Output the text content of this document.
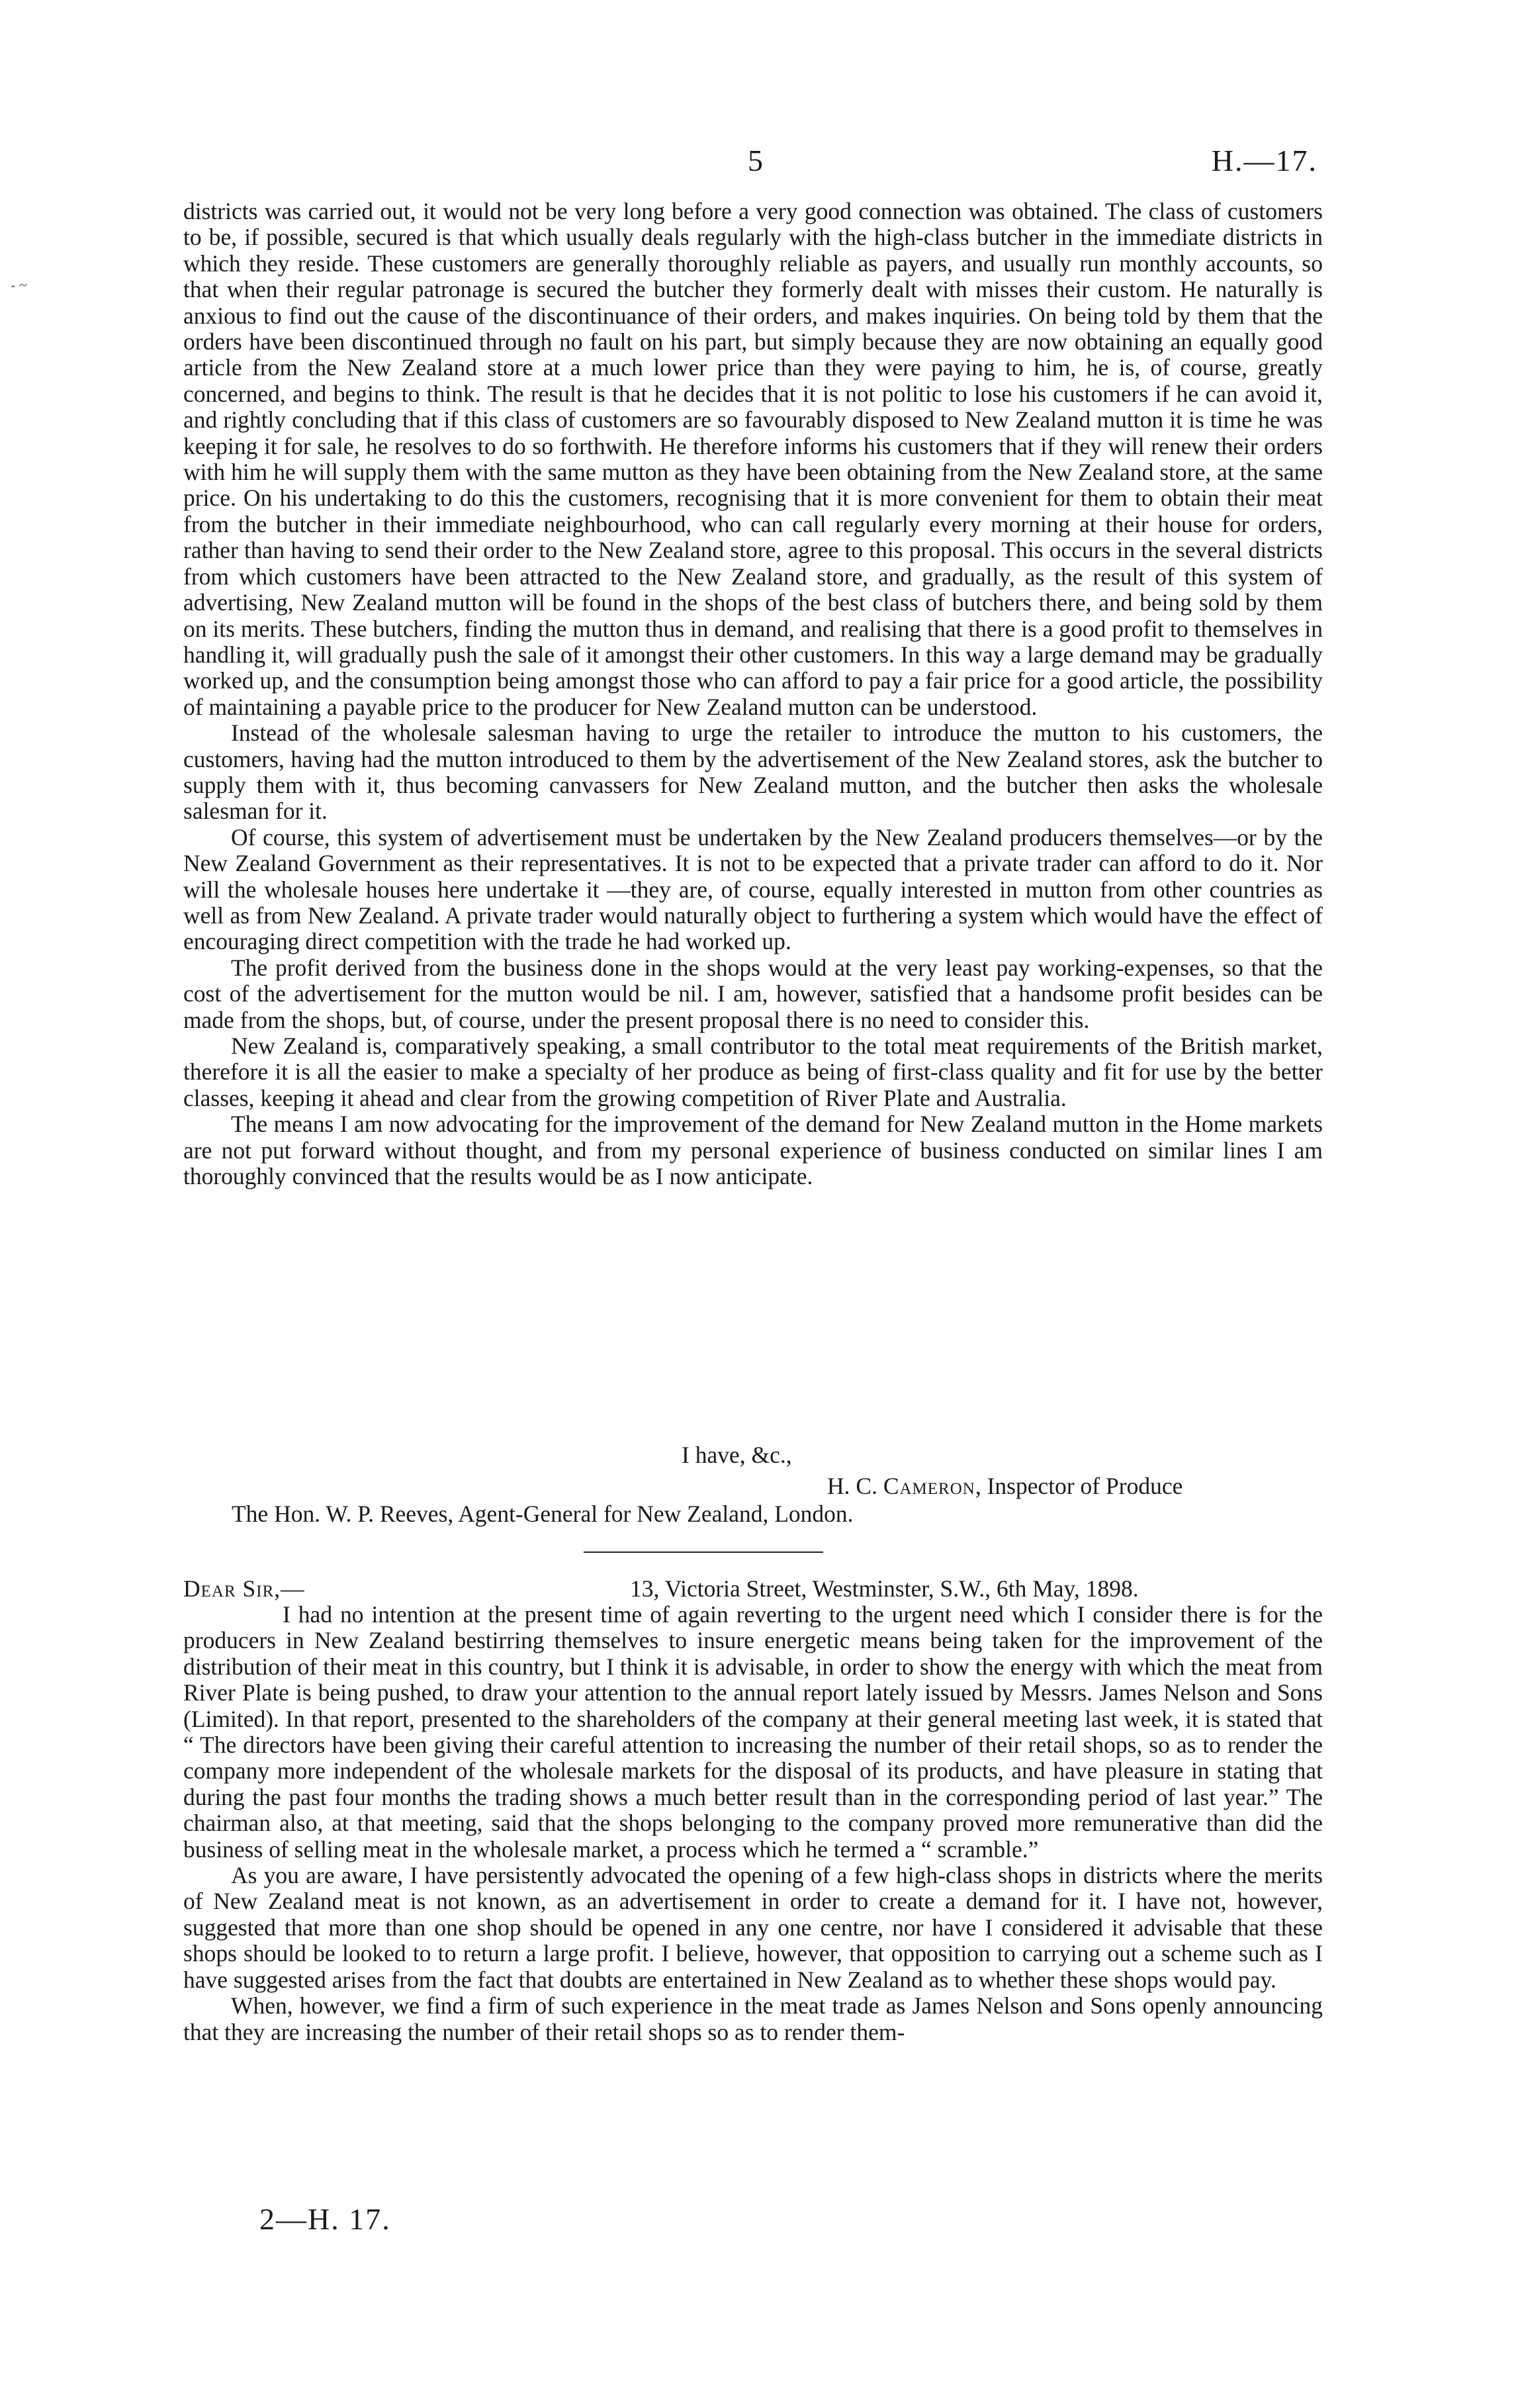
- ~
5	H.—17.

districts was carried out, it would not be very long before a very good connection was obtained. The class of customers to be, if possible, secured is that which usually deals regularly with the high-class butcher in the immediate districts in which they reside. These customers are generally thoroughly reliable as payers, and usually run monthly accounts, so that when their regular patronage is secured the butcher they formerly dealt with misses their custom. He naturally is anxious to find out the cause of the discontinuance of their orders, and makes inquiries. On being told by them that the orders have been discontinued through no fault on his part, but simply because they are now obtaining an equally good article from the New Zealand store at a much lower price than they were paying to him, he is, of course, greatly concerned, and begins to think. The result is that he decides that it is not politic to lose his customers if he can avoid it, and rightly concluding that if this class of customers are so favourably disposed to New Zealand mutton it is time he was keeping it for sale, he resolves to do so forthwith. He therefore informs his customers that if they will renew their orders with him he will supply them with the same mutton as they have been obtaining from the New Zealand store, at the same price. On his undertaking to do this the customers, recognising that it is more convenient for them to obtain their meat from the butcher in their immediate neighbourhood, who can call regularly every morning at their house for orders, rather than having to send their order to the New Zealand store, agree to this proposal. This occurs in the several districts from which customers have been attracted to the New Zealand store, and gradually, as the result of this system of advertising, New Zealand mutton will be found in the shops of the best class of butchers there, and being sold by them on its merits. These butchers, finding the mutton thus in demand, and realising that there is a good profit to themselves in handling it, will gradually push the sale of it amongst their other customers. In this way a large demand may be gradually worked up, and the consumption being amongst those who can afford to pay a fair price for a good article, the possibility of maintaining a payable price to the producer for New Zealand mutton can be understood.

Instead of the wholesale salesman having to urge the retailer to introduce the mutton to his customers, the customers, having had the mutton introduced to them by the advertisement of the New Zealand stores, ask the butcher to supply them with it, thus becoming canvassers for New Zealand mutton, and the butcher then asks the wholesale salesman for it.

Of course, this system of advertisement must be undertaken by the New Zealand producers themselves—or by the New Zealand Government as their representatives. It is not to be expected that a private trader can afford to do it. Nor will the wholesale houses here undertake it —they are, of course, equally interested in mutton from other countries as well as from New Zealand. A private trader would naturally object to furthering a system which would have the effect of encouraging direct competition with the trade he had worked up.

The profit derived from the business done in the shops would at the very least pay working-expenses, so that the cost of the advertisement for the mutton would be nil. I am, however, satisfied that a handsome profit besides can be made from the shops, but, of course, under the present proposal there is no need to consider this.

New Zealand is, comparatively speaking, a small contributor to the total meat requirements of the British market, therefore it is all the easier to make a specialty of her produce as being of first-class quality and fit for use by the better classes, keeping it ahead and clear from the growing competition of River Plate and Australia.

The means I am now advocating for the improvement of the demand for New Zealand mutton in the Home markets are not put forward without thought, and from my personal experience of business conducted on similar lines I am thoroughly convinced that the results would be as I now anticipate.

I have, &c.,
H. C. Cameron, Inspector of Produce
The Hon. W. P. Reeves, Agent-General for New Zealand, London.
Dear Sir,—	13, Victoria Street, Westminster, S.W., 6th May, 1898.

I had no intention at the present time of again reverting to the urgent need which I consider there is for the producers in New Zealand bestirring themselves to insure energetic means being taken for the improvement of the distribution of their meat in this country, but I think it is advisable, in order to show the energy with which the meat from River Plate is being pushed, to draw your attention to the annual report lately issued by Messrs. James Nelson and Sons (Limited). In that report, presented to the shareholders of the company at their general meeting last week, it is stated that “ The directors have been giving their careful attention to increasing the number of their retail shops, so as to render the company more independent of the wholesale markets for the disposal of its products, and have pleasure in stating that during the past four months the trading shows a much better result than in the corresponding period of last year.” The chairman also, at that meeting, said that the shops belonging to the company proved more remunerative than did the business of selling meat in the wholesale market, a process which he termed a “ scramble.”

As you are aware, I have persistently advocated the opening of a few high-class shops in districts where the merits of New Zealand meat is not known, as an advertisement in order to create a demand for it. I have not, however, suggested that more than one shop should be opened in any one centre, nor have I considered it advisable that these shops should be looked to to return a large profit. I believe, however, that opposition to carrying out a scheme such as I have suggested arises from the fact that doubts are entertained in New Zealand as to whether these shops would pay.

When, however, we find a firm of such experience in the meat trade as James Nelson and Sons openly announcing that they are increasing the number of their retail shops so as to render them-

2—H. 17.
